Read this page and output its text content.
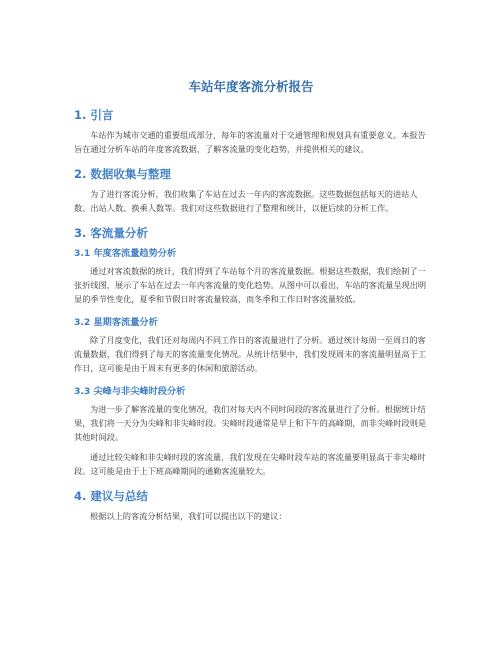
车站年度客流分析报告
1. 引言
车站作为城市交通的重要组成部分，每年的客流量对于交通管理和规划具有重要意义。本报告旨在通过分析车站的年度客流数据，了解客流量的变化趋势，并提供相关的建议。
2. 数据收集与整理
为了进行客流分析，我们收集了车站在过去一年内的客流数据。这些数据包括每天的进站人数、出站人数、换乘人数等。我们对这些数据进行了整理和统计，以便后续的分析工作。
3. 客流量分析
3.1 年度客流量趋势分析
通过对客流数据的统计，我们得到了车站每个月的客流量数据。根据这些数据，我们绘制了一张折线图，展示了车站在过去一年内客流量的变化趋势。从图中可以看出，车站的客流量呈现出明显的季节性变化，夏季和节假日时客流量较高，而冬季和工作日时客流量较低。
3.2 星期客流量分析
除了月度变化，我们还对每周内不同工作日的客流量进行了分析。通过统计每周一至周日的客流量数据，我们得到了每天的客流量变化情况。从统计结果中，我们发现周末的客流量明显高于工作日，这可能是由于周末有更多的休闲和旅游活动。
3.3 尖峰与非尖峰时段分析
为进一步了解客流量的变化情况，我们对每天内不同时间段的客流量进行了分析。根据统计结果，我们将一天分为尖峰和非尖峰时段。尖峰时段通常是早上和下午的高峰期，而非尖峰时段则是其他时间段。
通过比较尖峰和非尖峰时段的客流量，我们发现在尖峰时段车站的客流量要明显高于非尖峰时段。这可能是由于上下班高峰期间的通勤客流量较大。
4. 建议与总结
根据以上的客流分析结果，我们可以提出以下的建议：
